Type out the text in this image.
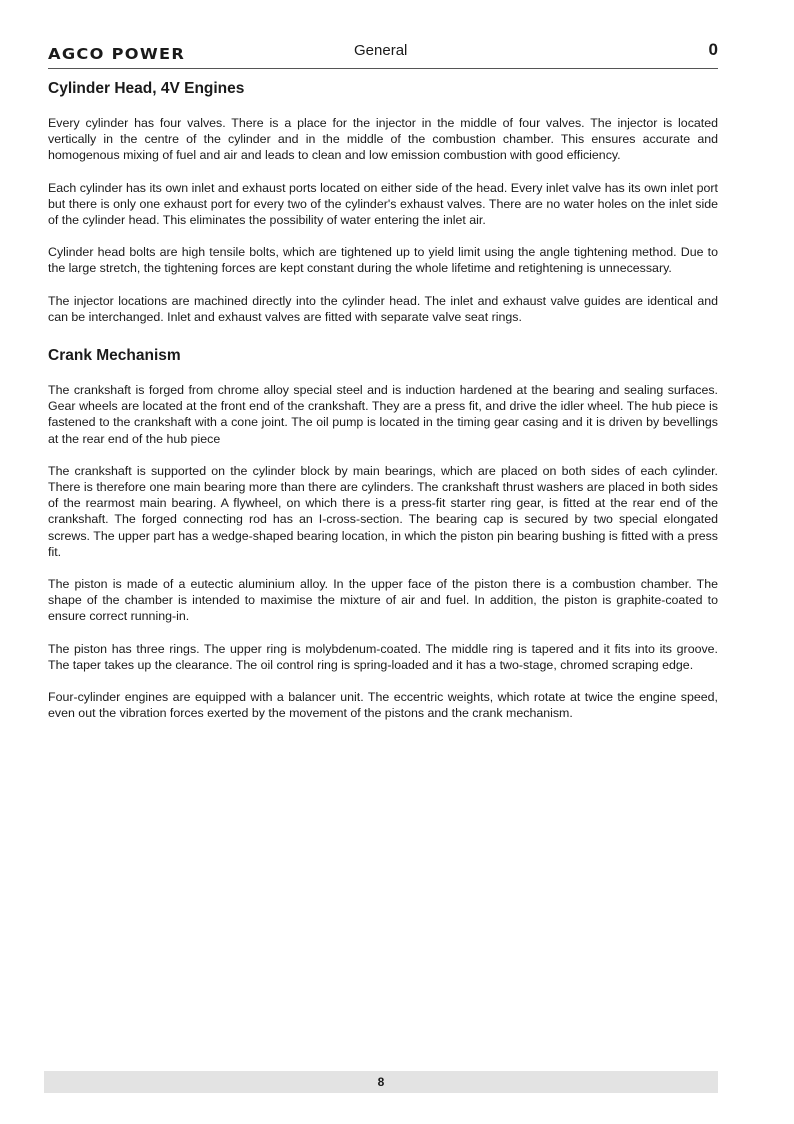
AGCO POWER	General	0
Cylinder Head, 4V Engines

Every cylinder has four valves. There is a place for the injector in the middle of four valves. The injector is located vertically in the centre of the cylinder and in the middle of the combustion chamber. This ensures accurate and homogenous mixing of fuel and air and leads to clean and low emission combustion with good efficiency.

Each cylinder has its own inlet and exhaust ports located on either side of the head. Every inlet valve has its own inlet port but there is only one exhaust port for every two of the cylinder's exhaust valves. There are no water holes on the inlet side of the cylinder head. This eliminates the possibility of water entering the inlet air.

Cylinder head bolts are high tensile bolts, which are tightened up to yield limit using the angle tightening method. Due to the large stretch, the tightening forces are kept constant during the whole lifetime and retightening is unnecessary.

The injector locations are machined directly into the cylinder head. The inlet and exhaust valve guides are identical and can be interchanged. Inlet and exhaust valves are fitted with separate valve seat rings.

Crank Mechanism

The crankshaft is forged from chrome alloy special steel and is induction hardened at the bearing and sealing surfaces. Gear wheels are located at the front end of the crankshaft. They are a press fit, and drive the idler wheel. The hub piece is fastened to the crankshaft with a cone joint. The oil pump is located in the timing gear casing and it is driven by bevellings at the rear end of the hub piece

The crankshaft is supported on the cylinder block by main bearings, which are placed on both sides of each cylinder. There is therefore one main bearing more than there are cylinders. The crankshaft thrust washers are placed in both sides of the rearmost main bearing. A flywheel, on which there is a press-fit starter ring gear, is fitted at the rear end of the crankshaft. The forged connecting rod has an I-cross-section. The bearing cap is secured by two special elongated screws. The upper part has a wedge-shaped bearing location, in which the piston pin bearing bushing is fitted with a press fit.

The piston is made of a eutectic aluminium alloy. In the upper face of the piston there is a combustion chamber. The shape of the chamber is intended to maximise the mixture of air and fuel. In addition, the piston is graphite-coated to ensure correct running-in.

The piston has three rings. The upper ring is molybdenum-coated. The middle ring is tapered and it fits into its groove. The taper takes up the clearance. The oil control ring is spring-loaded and it has a two-stage, chromed scraping edge.

Four-cylinder engines are equipped with a balancer unit. The eccentric weights, which rotate at twice the engine speed, even out the vibration forces exerted by the movement of the pistons and the crank mechanism.

8
